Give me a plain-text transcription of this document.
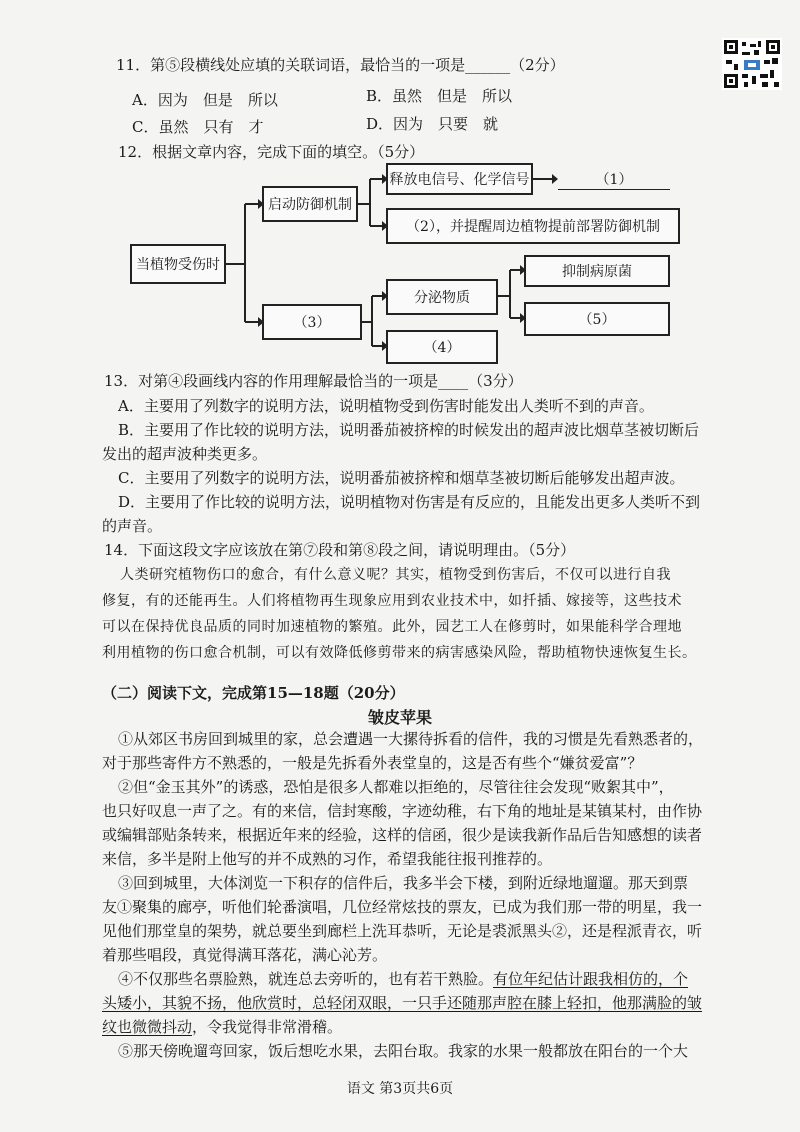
11．第⑤段横线处应填的关联词语，最恰当的一项是______（2分）
A．因为　但是　所以	B．虽然　但是　所以
C．虽然　只有　才	D．因为　只要　就
12．根据文章内容，完成下面的填空。（5分）
当植物受伤时
启动防御机制
释放电信号、化学信号	（1）
（2），并提醒周边植物提前部署防御机制
（3）
分泌物质
（4）
抑制病原菌
（5）
13．对第④段画线内容的作用理解最恰当的一项是____（3分）
A．主要用了列数字的说明方法，说明植物受到伤害时能发出人类听不到的声音。
B．主要用了作比较的说明方法，说明番茄被挤榨的时候发出的超声波比烟草茎被切断后
发出的超声波种类更多。
C．主要用了列数字的说明方法，说明番茄被挤榨和烟草茎被切断后能够发出超声波。
D．主要用了作比较的说明方法，说明植物对伤害是有反应的，且能发出更多人类听不到
的声音。
14．下面这段文字应该放在第⑦段和第⑧段之间，请说明理由。（5分）
人类研究植物伤口的愈合，有什么意义呢？其实，植物受到伤害后，不仅可以进行自我
修复，有的还能再生。人们将植物再生现象应用到农业技术中，如扦插、嫁接等，这些技术
可以在保持优良品质的同时加速植物的繁殖。此外，园艺工人在修剪时，如果能科学合理地
利用植物的伤口愈合机制，可以有效降低修剪带来的病害感染风险，帮助植物快速恢复生长。
（二）阅读下文，完成第15—18题（20分）
皱皮苹果
①从郊区书房回到城里的家，总会遭遇一大摞待拆看的信件，我的习惯是先看熟悉者的，
对于那些寄件方不熟悉的，一般是先拆看外表堂皇的，这是否有些个“嫌贫爱富”？
②但“金玉其外”的诱惑，恐怕是很多人都难以拒绝的，尽管往往会发现“败絮其中”，
也只好叹息一声了之。有的来信，信封寒酸，字迹幼稚，右下角的地址是某镇某村，由作协
或编辑部贴条转来，根据近年来的经验，这样的信函，很少是读我新作品后告知感想的读者
来信，多半是附上他写的并不成熟的习作，希望我能往报刊推荐的。
③回到城里，大体浏览一下积存的信件后，我多半会下楼，到附近绿地遛遛。那天到票
友①聚集的廊亭，听他们轮番演唱，几位经常炫技的票友，已成为我们那一带的明星，我一
见他们那堂皇的架势，就总要坐到廊栏上洗耳恭听，无论是裘派黑头②，还是程派青衣，听
着那些唱段，真觉得满耳落花，满心沁芳。
④不仅那些名票脸熟，就连总去旁听的，也有若干熟脸。有位年纪估计跟我相仿的，个
头矮小，其貌不扬，他欣赏时，总轻闭双眼，一只手还随那声腔在膝上轻扣，他那满脸的皱
纹也微微抖动，令我觉得非常滑稽。
⑤那天傍晚遛弯回家，饭后想吃水果，去阳台取。我家的水果一般都放在阳台的一个大
语文 第3页共6页
